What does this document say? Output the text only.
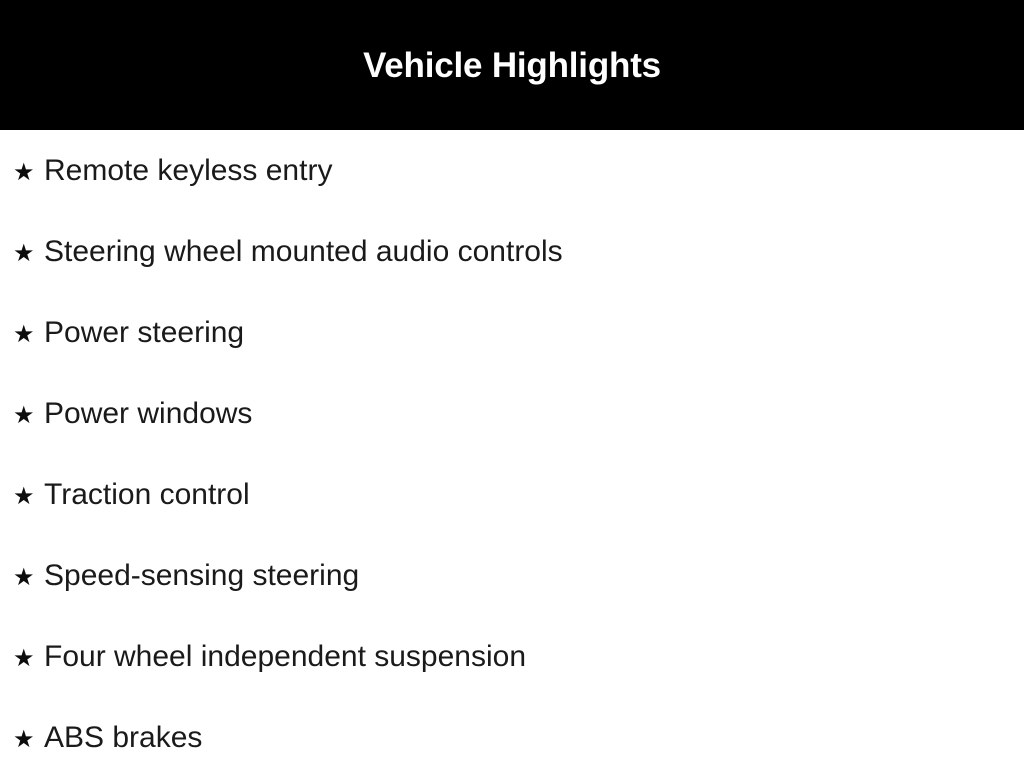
Vehicle Highlights
★ Remote keyless entry
★ Steering wheel mounted audio controls
★ Power steering
★ Power windows
★ Traction control
★ Speed-sensing steering
★ Four wheel independent suspension
★ ABS brakes
